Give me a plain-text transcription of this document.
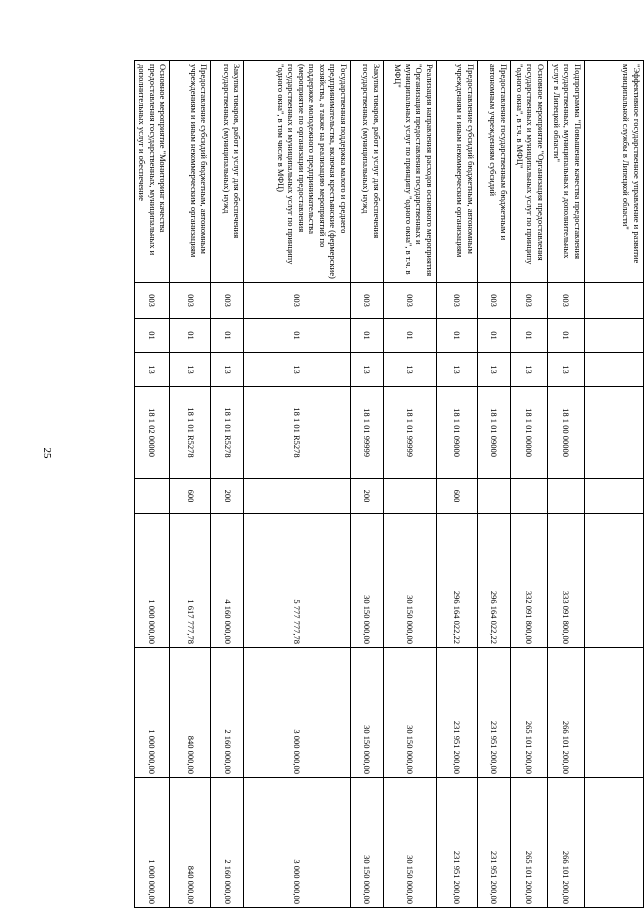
25
"Эффективное государственное управление и развитие муниципальной службы в Липецкой области"								
Подпрограмма "Повышение качества предоставления государственных, муниципальных и дополнительных услуг в Липецкой области"	003	01	13	18 1 00 00000		333 091 800,00	266 101 200,00	266 101 200,00
Основное мероприятие "Организация предоставления государственных и муниципальных услуг по принципу "одного окна", в т.ч. в МФЦ"	003	01	13	18 1 01 00000		332 091 800,00	265 101 200,00	265 101 200,00
Предоставление государственным бюджетным и автономным учреждениям субсидий	003	01	13	18 1 01 09000		296 164 022,22	231 951 200,00	231 951 200,00
Предоставление субсидий бюджетным, автономным учреждениям и иным некоммерческим организациям	003	01	13	18 1 01 09000	600	296 164 022,22	231 951 200,00	231 951 200,00
Реализация направления расходов основного мероприятия "Организация предоставления государственных и муниципальных услуг по принципу "одного окна", в т.ч. в МФЦ"	003	01	13	18 1 01 99999		30 150 000,00	30 150 000,00	30 150 000,00
Закупка товаров, работ и услуг для обеспечения государственных (муниципальных) нужд	003	01	13	18 1 01 99999	200	30 150 000,00	30 150 000,00	30 150 000,00
Государственная поддержка малого и среднего предпринимательства, включая крестьянские (фермерские) хозяйства, а также на реализацию мероприятий по поддержке молодежного предпринимательства (мероприятие по организации предоставления государственных и муниципальных услуг по принципу "одного окна", в том числе в МФЦ)	003	01	13	18 1 01 R5278		5 777 777,78	3 000 000,00	3 000 000,00
Закупка товаров, работ и услуг для обеспечения государственных (муниципальных) нужд	003	01	13	18 1 01 R5278	200	4 160 000,00	2 160 000,00	2 160 000,00
Предоставление субсидий бюджетным, автономным учреждениям и иным некоммерческим организациям	003	01	13	18 1 01 R5278	600	1 617 777,78	840 000,00	840 000,00
Основное мероприятие "Мониторинг качества предоставления государственных, муниципальных и дополнительных услуг и обеспечение	003	01	13	18 1 02 00000		1 000 000,00	1 000 000,00	1 000 000,00
